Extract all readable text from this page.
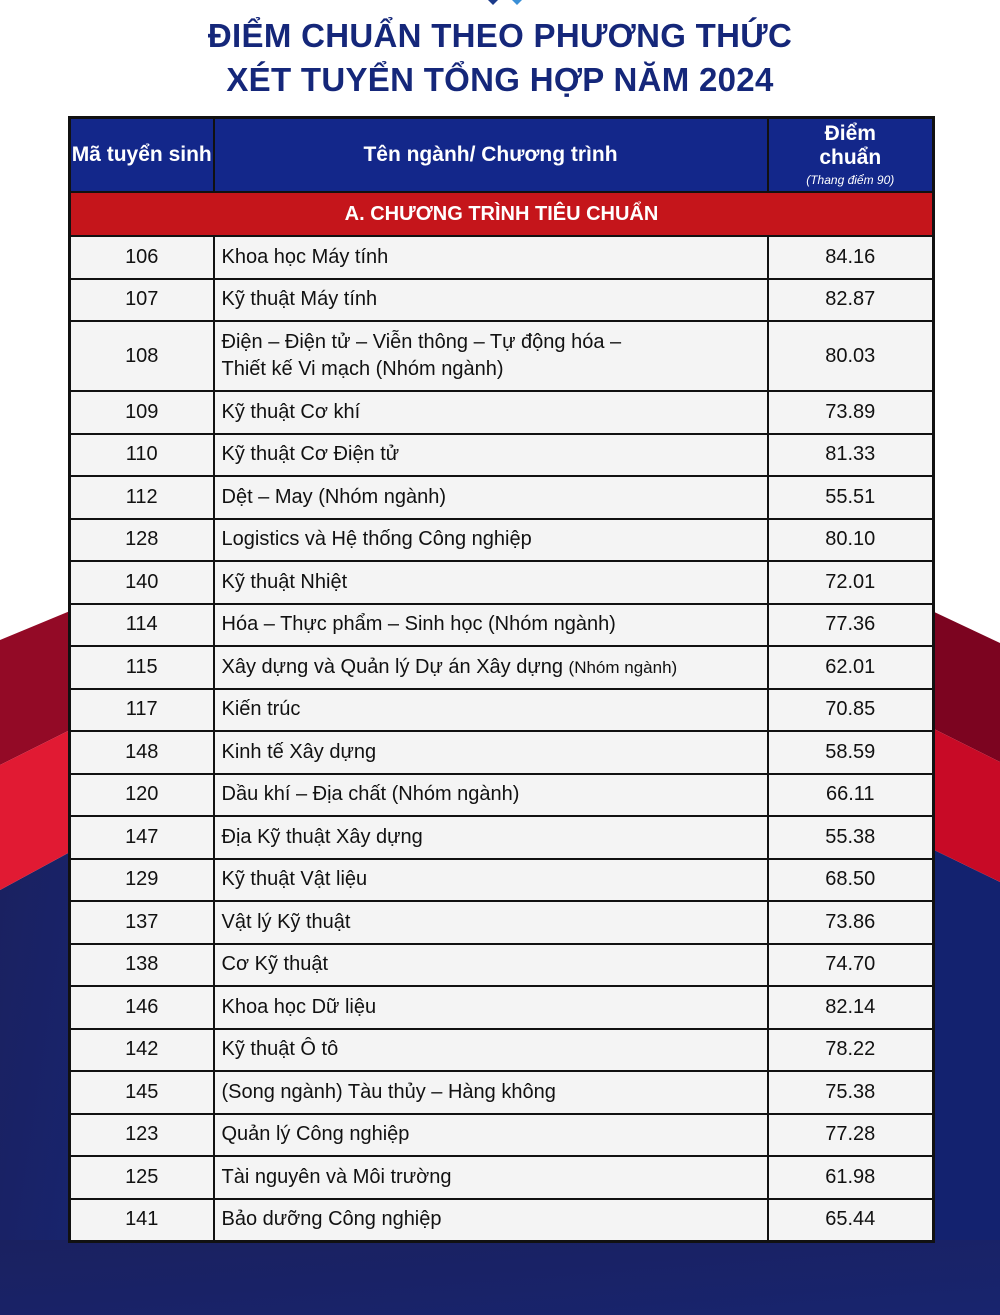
ĐIỂM CHUẨN THEO PHƯƠNG THỨC
XÉT TUYỂN TỔNG HỢP NĂM 2024
Mã tuyển sinh	Tên ngành/ Chương trình	Điểm chuẩn
(Thang điểm 90)

A. CHƯƠNG TRÌNH TIÊU CHUẨN		
106	Khoa học Máy tính	84.16
107	Kỹ thuật Máy tính	82.87
108	Điện – Điện tử – Viễn thông – Tự động hóa –
Thiết kế Vi mạch (Nhóm ngành)	80.03
109	Kỹ thuật Cơ khí	73.89
110	Kỹ thuật Cơ Điện tử	81.33
112	Dệt – May (Nhóm ngành)	55.51
128	Logistics và Hệ thống Công nghiệp	80.10
140	Kỹ thuật Nhiệt	72.01
114	Hóa – Thực phẩm – Sinh học (Nhóm ngành)	77.36
115	Xây dựng và Quản lý Dự án Xây dựng (Nhóm ngành)	62.01
117	Kiến trúc	70.85
148	Kinh tế Xây dựng	58.59
120	Dầu khí – Địa chất (Nhóm ngành)	66.11
147	Địa Kỹ thuật Xây dựng	55.38
129	Kỹ thuật Vật liệu	68.50
137	Vật lý Kỹ thuật	73.86
138	Cơ Kỹ thuật	74.70
146	Khoa học Dữ liệu	82.14
142	Kỹ thuật Ô tô	78.22
145	(Song ngành) Tàu thủy – Hàng không	75.38
123	Quản lý Công nghiệp	77.28
125	Tài nguyên và Môi trường	61.98
141	Bảo dưỡng Công nghiệp	65.44
